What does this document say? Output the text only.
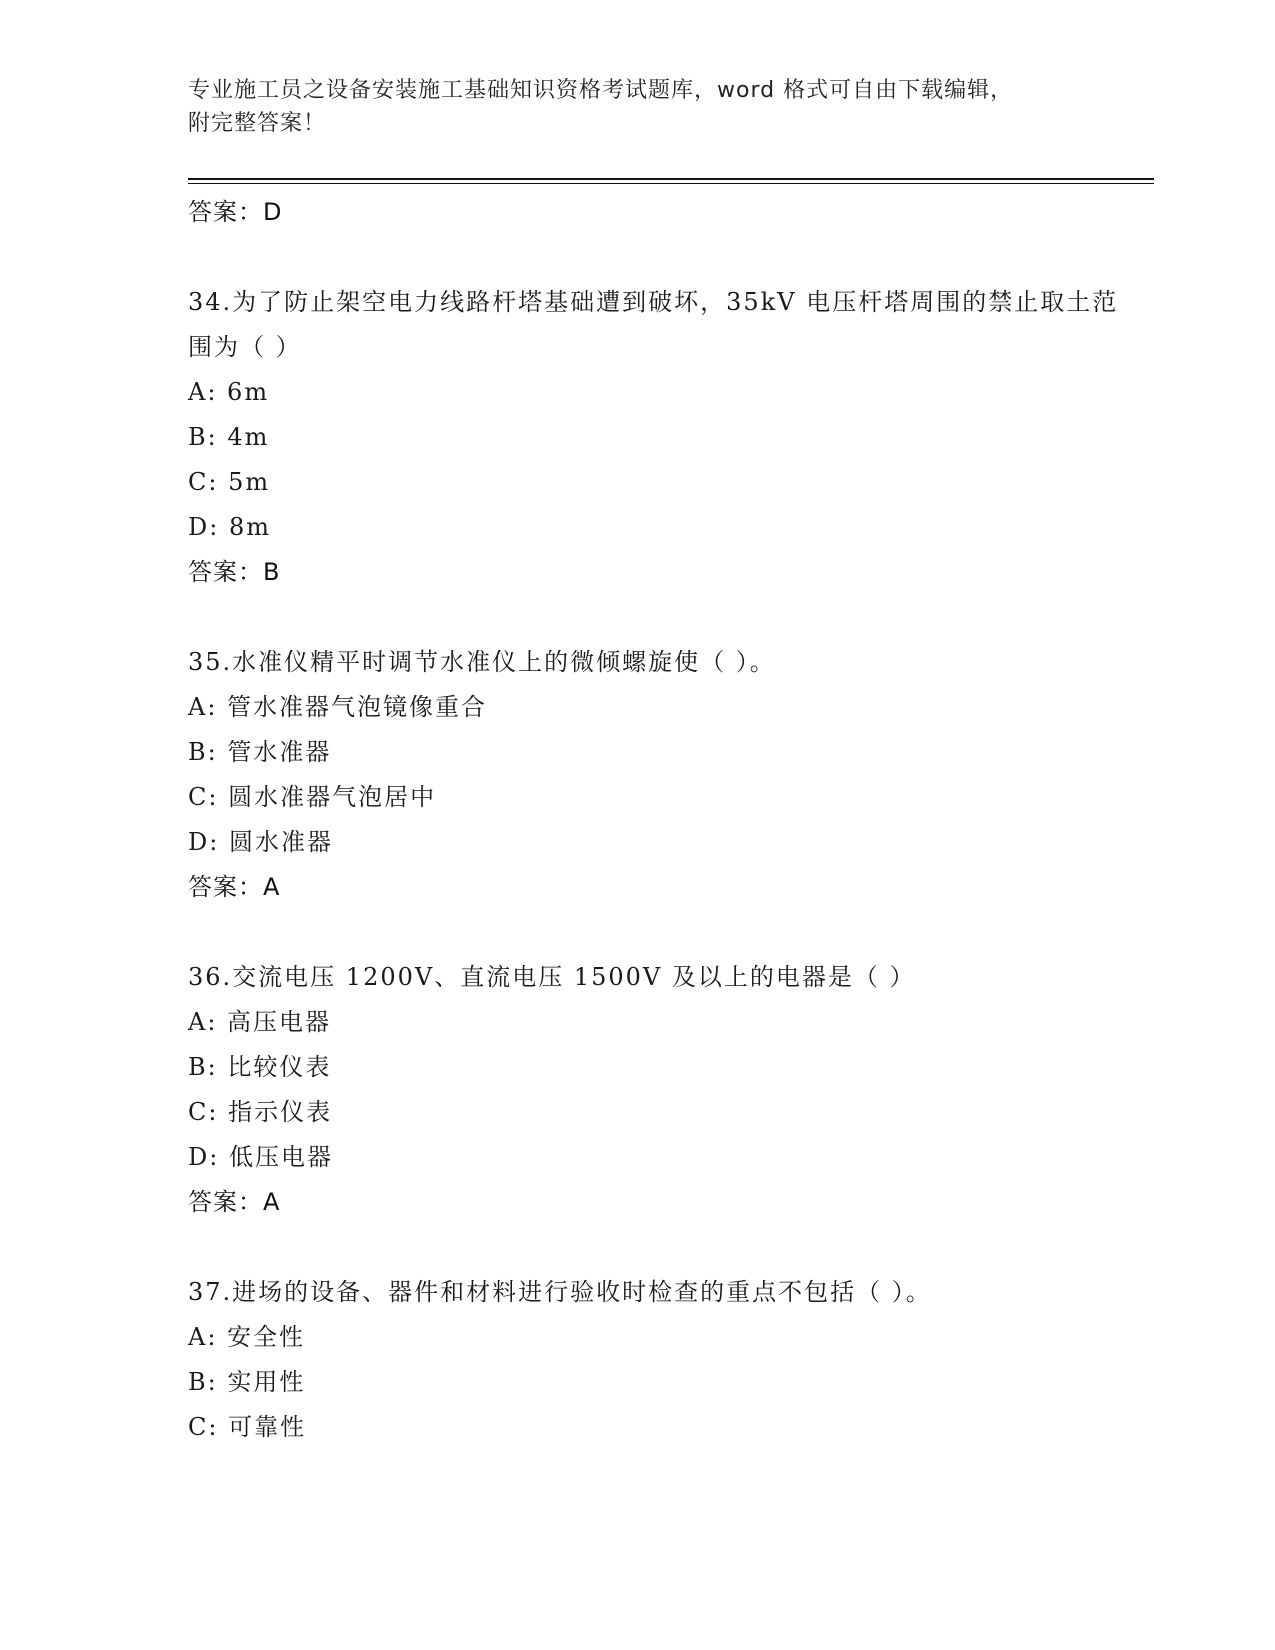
专业施工员之设备安装施工基础知识资格考试题库，word 格式可自由下载编辑，
附完整答案！
答案：D
34.为了防止架空电力线路杆塔基础遭到破坏，35kV 电压杆塔周围的禁止取土范围为（ ）
A: 6m
B: 4m
C: 5m
D: 8m
答案：B
35.水准仪精平时调节水准仪上的微倾螺旋使（ ）。
A: 管水准器气泡镜像重合
B: 管水准器
C: 圆水准器气泡居中
D: 圆水准器
答案：A
36.交流电压 1200V、直流电压 1500V 及以上的电器是（ ）
A: 高压电器
B: 比较仪表
C: 指示仪表
D: 低压电器
答案：A
37.进场的设备、器件和材料进行验收时检查的重点不包括（ ）。
A: 安全性
B: 实用性
C: 可靠性
